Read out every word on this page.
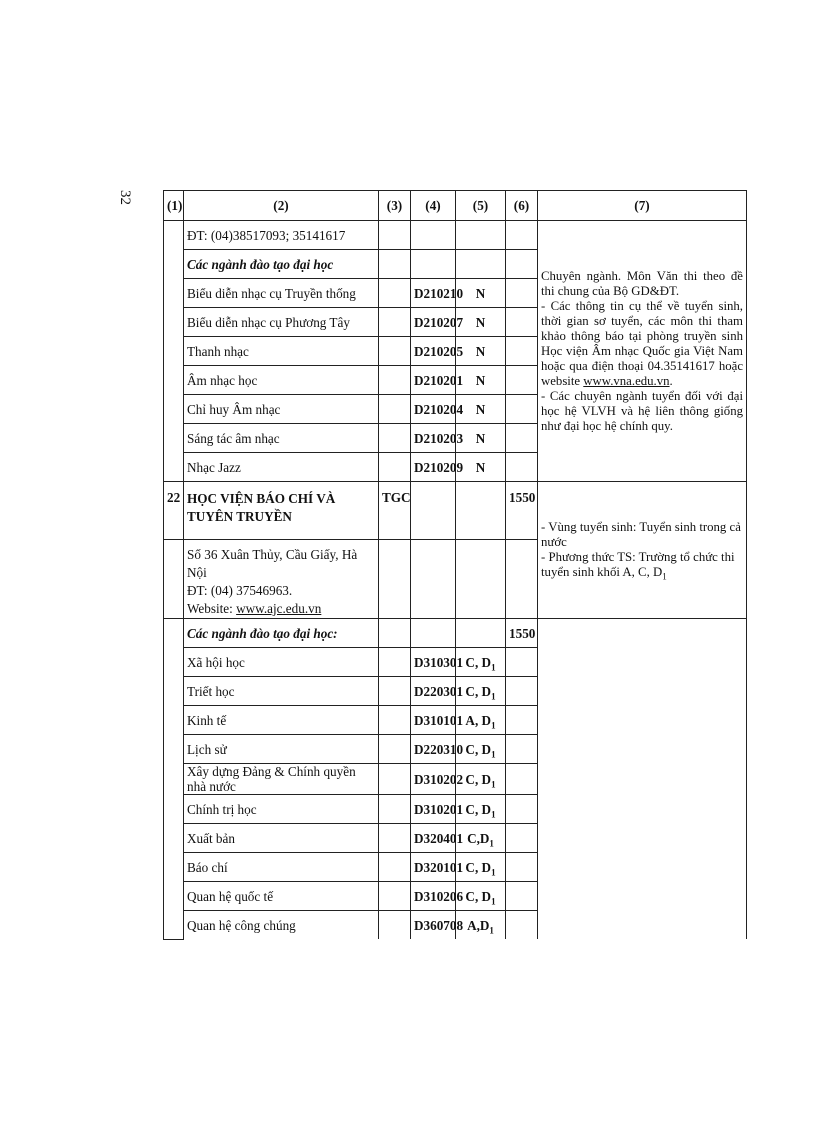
32
(1)	(2)	(3)	(4)	(5)	(6)	(7)
	ĐT: (04)38517093; 35141617					Chuyên ngành. Môn Văn thi theo đề thi chung của Bộ GD&ĐT.

- Các thông tin cụ thể về tuyển sinh, thời gian sơ tuyển, các môn thi tham khảo thông báo tại phòng truyền sinh Học viện Âm nhạc Quốc gia Việt Nam hoặc qua điện thoại 04.35141617 hoặc website www.vna.edu.vn.

- Các chuyên ngành tuyển đối với đại học hệ VLVH và hệ liên thông giống như đại học hệ chính quy.

	Các ngành đào tạo đại học					
	Biểu diễn nhạc cụ Truyền thống		D210210	N		
	Biểu diễn nhạc cụ Phương Tây		D210207	N		
	Thanh nhạc		D210205	N		
	Âm nhạc học		D210201	N		
	Chỉ huy Âm nhạc		D210204	N		
	Sáng tác âm nhạc		D210203	N		
	Nhạc Jazz		D210209	N		
22	HỌC VIỆN BÁO CHÍ VÀ TUYÊN TRUYỀN	TGC			1550	- Vùng tuyển sinh: Tuyển sinh trong cả nước
- Phương thức TS: Trường tổ chức thi tuyển sinh khối A, C, $D_1$

	Số 36 Xuân Thủy, Cầu Giấy, Hà Nội
ĐT: (04) 37546963.
Website: www.ajc.edu.vn					

	Các ngành đào tạo đại học:				1550	
	Xã hội học		D310301	C, $D_1$	
	Triết học		D220301	C, $D_1$	
	Kinh tế		D310101	A, $D_1$	
	Lịch sử		D220310	C, $D_1$	
	Xây dựng Đảng & Chính quyền nhà nước		D310202	C, $D_1$	
	Chính trị học		D310201	C, $D_1$	
	Xuất bản		D320401	$C,D_1$	
	Báo chí		D320101	C, $D_1$	
	Quan hệ quốc tế		D310206	C, $D_1$	
	Quan hệ công chúng		D360708	$A,D_1$	
